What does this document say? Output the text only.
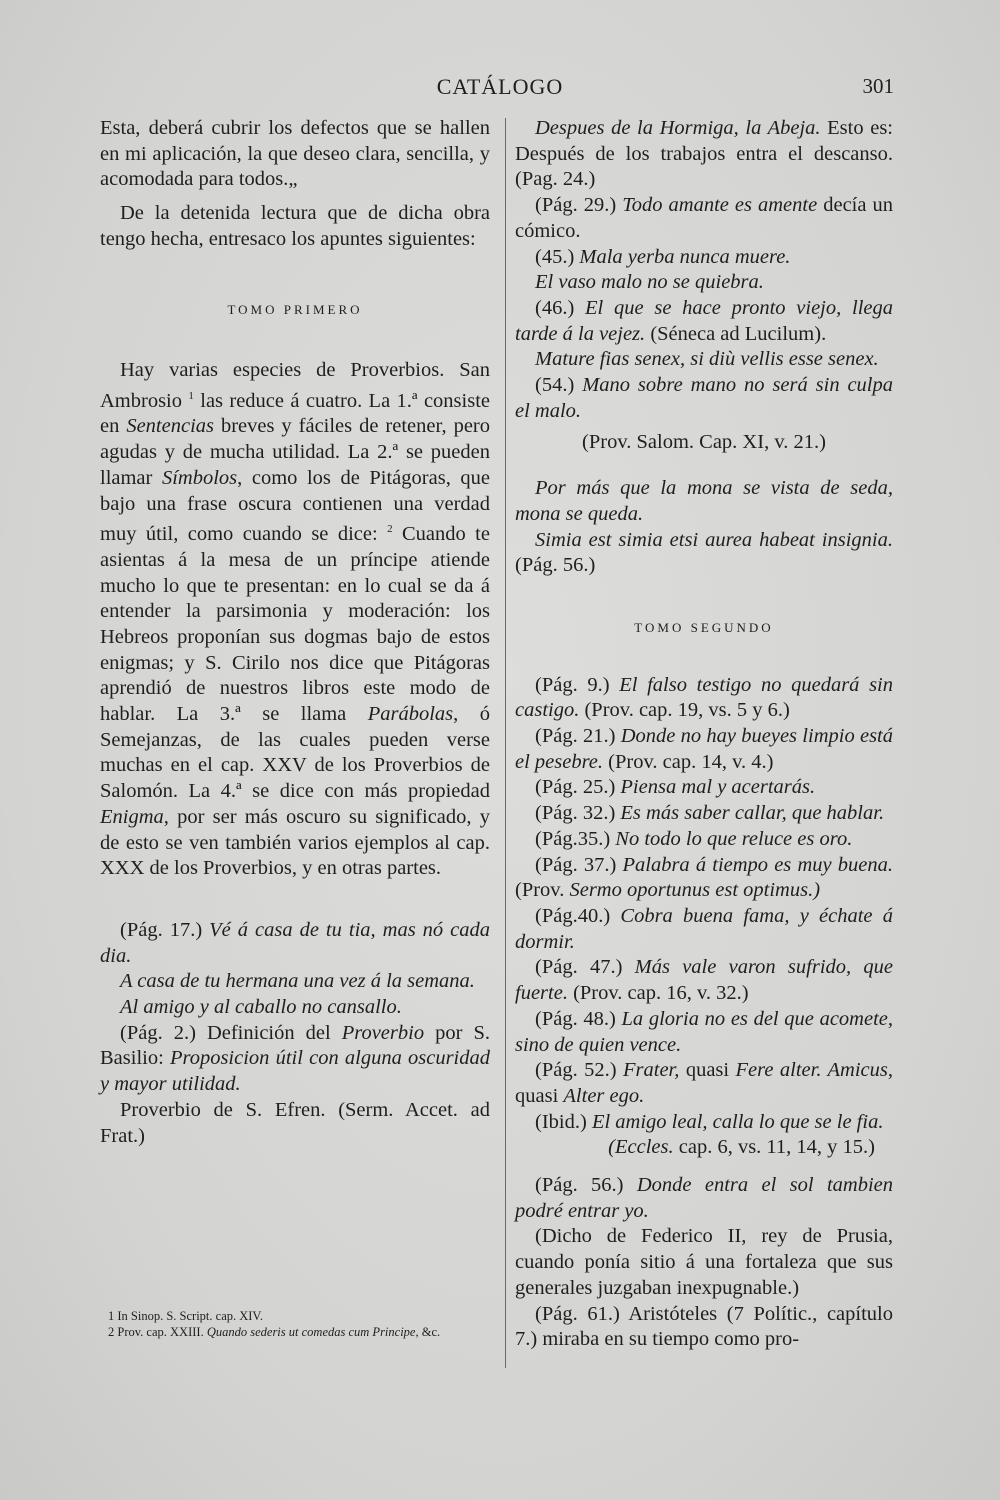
CATÁLOGO	301

Esta, deberá cubrir los defectos que se hallen en mi aplicación, la que deseo clara, sencilla, y acomodada para todos.„

De la detenida lectura que de dicha obra tengo hecha, entresaco los apuntes siguientes:

TOMO PRIMERO

Hay varias especies de Proverbios. San Ambrosio $^1$ las reduce á cuatro. La 1.ª consiste en Sentencias breves y fáciles de retener, pero agudas y de mucha utilidad. La 2.ª se pueden llamar Símbolos, como los de Pitágoras, que bajo una frase oscura contienen una verdad muy útil, como cuando se dice: $^2$ Cuando te asientas á la mesa de un príncipe atiende mucho lo que te presentan: en lo cual se da á entender la parsimonia y moderación: los Hebreos proponían sus dogmas bajo de estos enigmas; y S. Cirilo nos dice que Pitágoras aprendió de nuestros libros este modo de hablar. La 3.ª se llama Parábolas, ó Semejanzas, de las cuales pueden verse muchas en el cap. XXV de los Proverbios de Salomón. La 4.ª se dice con más propiedad Enigma, por ser más oscuro su significado, y de esto se ven también varios ejemplos al cap. XXX de los Proverbios, y en otras partes.

(Pág. 17.) Vé á casa de tu tia, mas nó cada dia.

A casa de tu hermana una vez á la semana.

Al amigo y al caballo no cansallo.

(Pág. 2.) Definición del Proverbio por S. Basilio: Proposicion útil con alguna oscuridad y mayor utilidad.

Proverbio de S. Efren. (Serm. Accet. ad Frat.)

1 In Sinop. S. Script. cap. XIV.

2 Prov. cap. XXIII. Quando sederis ut comedas cum Principe, &c.

Despues de la Hormiga, la Abeja. Esto es: Después de los trabajos entra el descanso. (Pag. 24.)

(Pág. 29.) Todo amante es amente decía un cómico.

(45.) Mala yerba nunca muere.

El vaso malo no se quiebra.

(46.) El que se hace pronto viejo, llega tarde á la vejez. (Séneca ad Lucilum).

Mature fias senex, si diù vellis esse senex.

(54.) Mano sobre mano no será sin culpa el malo.

(Prov. Salom. Cap. XI, v. 21.)

Por más que la mona se vista de seda, mona se queda.

Simia est simia etsi aurea habeat insignia. (Pág. 56.)

TOMO SEGUNDO

(Pág. 9.) El falso testigo no quedará sin castigo. (Prov. cap. 19, vs. 5 y 6.)

(Pág. 21.) Donde no hay bueyes limpio está el pesebre. (Prov. cap. 14, v. 4.)

(Pág. 25.) Piensa mal y acertarás.

(Pág. 32.) Es más saber callar, que hablar.

(Pág.35.) No todo lo que reluce es oro.

(Pág. 37.) Palabra á tiempo es muy buena. (Prov. Sermo oportunus est optimus.)

(Pág.40.) Cobra buena fama, y échate á dormir.

(Pág. 47.) Más vale varon sufrido, que fuerte. (Prov. cap. 16, v. 32.)

(Pág. 48.) La gloria no es del que acomete, sino de quien vence.

(Pág. 52.) Frater, quasi Fere alter. Amicus, quasi Alter ego.

(Ibid.) El amigo leal, calla lo que se le fia.

(Eccles. cap. 6, vs. 11, 14, y 15.)

(Pág. 56.) Donde entra el sol tambien podré entrar yo.

(Dicho de Federico II, rey de Prusia, cuando ponía sitio á una fortaleza que sus generales juzgaban inexpugnable.)

(Pág. 61.) Aristóteles (7 Polític., capítulo 7.) miraba en su tiempo como pro-
